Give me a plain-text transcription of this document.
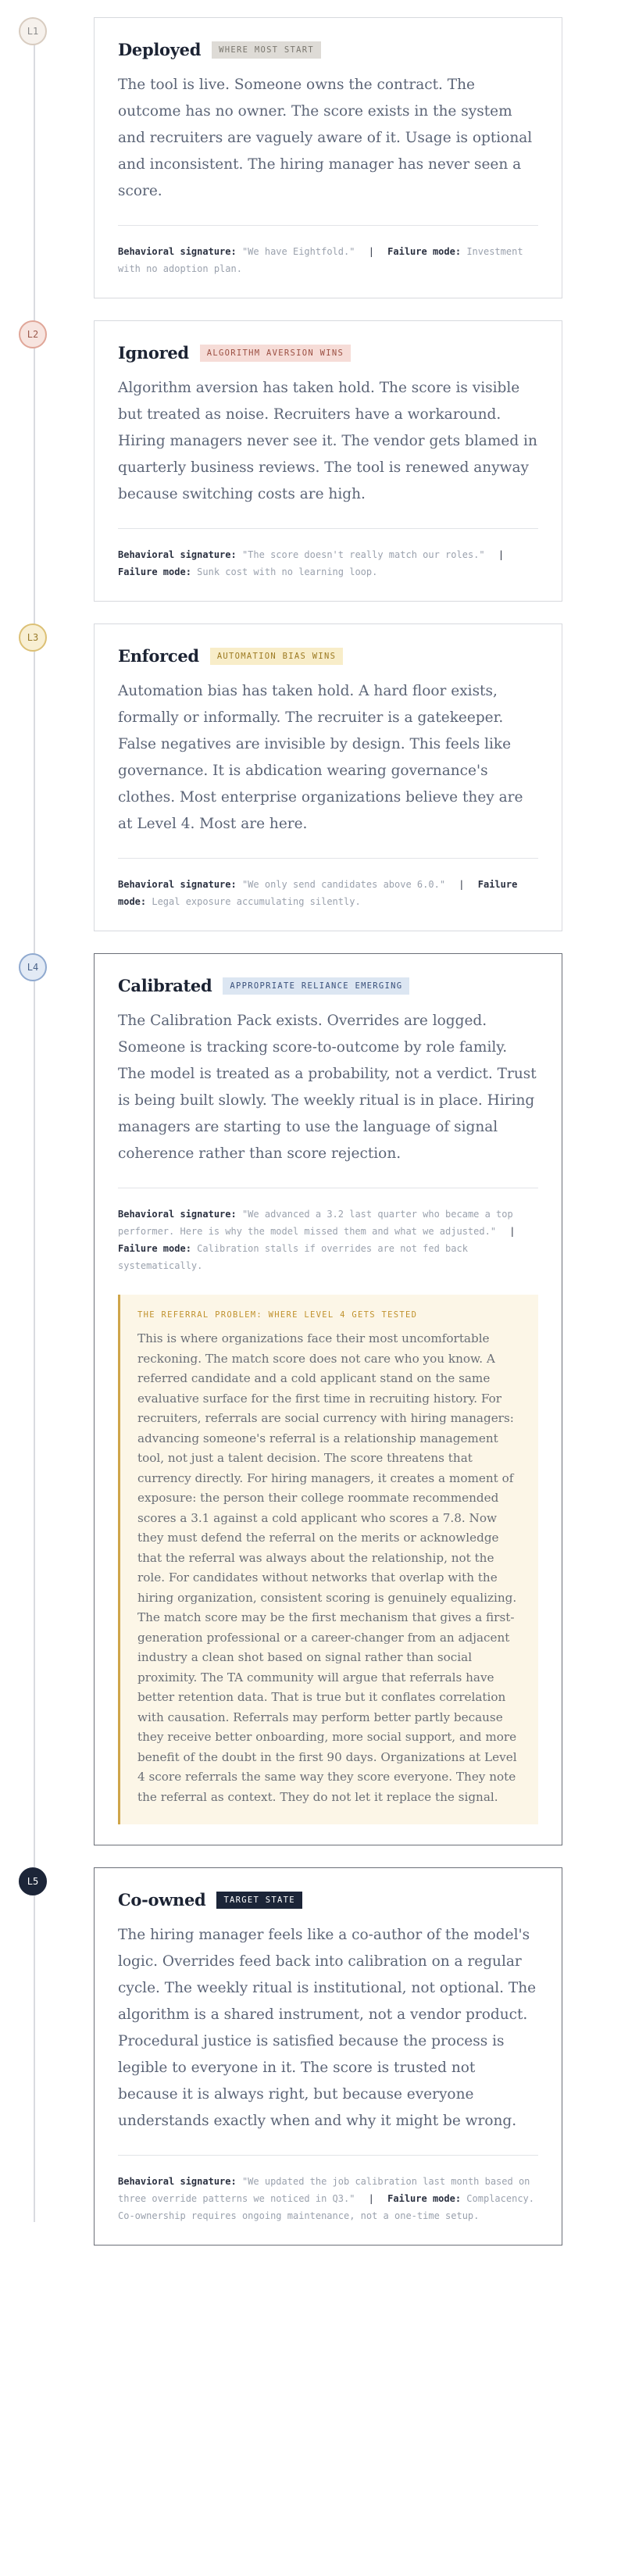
L1
Deployed	WHERE MOST START

The tool is live. Someone owns the contract. The outcome has no owner. The score exists in the system and recruiters are vaguely aware of it. Usage is optional and inconsistent. The hiring manager has never seen a score.

Behavioral signature: "We have Eightfold." | Failure mode: Investment with no adoption plan.
L2
Ignored	ALGORITHM AVERSION WINS

Algorithm aversion has taken hold. The score is visible but treated as noise. Recruiters have a workaround. Hiring managers never see it. The vendor gets blamed in quarterly business reviews. The tool is renewed anyway because switching costs are high.

Behavioral signature: "The score doesn't really match our roles." | Failure mode: Sunk cost with no learning loop.
L3
Enforced	AUTOMATION BIAS WINS

Automation bias has taken hold. A hard floor exists, formally or informally. The recruiter is a gatekeeper. False negatives are invisible by design. This feels like governance. It is abdication wearing governance's clothes. Most enterprise organizations believe they are at Level 4. Most are here.

Behavioral signature: "We only send candidates above 6.0." | Failure mode: Legal exposure accumulating silently.
L4
Calibrated	APPROPRIATE RELIANCE EMERGING

The Calibration Pack exists. Overrides are logged. Someone is tracking score-to-outcome by role family. The model is treated as a probability, not a verdict. Trust is being built slowly. The weekly ritual is in place. Hiring managers are starting to use the language of signal coherence rather than score rejection.

Behavioral signature: "We advanced a 3.2 last quarter who became a top performer. Here is why the model missed them and what we adjusted." | Failure mode: Calibration stalls if overrides are not fed back systematically.
THE REFERRAL PROBLEM: WHERE LEVEL 4 GETS TESTED
This is where organizations face their most uncomfortable reckoning. The match score does not care who you know. A referred candidate and a cold applicant stand on the same evaluative surface for the first time in recruiting history. For recruiters, referrals are social currency with hiring managers: advancing someone's referral is a relationship management tool, not just a talent decision. The score threatens that currency directly. For hiring managers, it creates a moment of exposure: the person their college roommate recommended scores a 3.1 against a cold applicant who scores a 7.8. Now they must defend the referral on the merits or acknowledge that the referral was always about the relationship, not the role. For candidates without networks that overlap with the hiring organization, consistent scoring is genuinely equalizing. The match score may be the first mechanism that gives a first-generation professional or a career-changer from an adjacent industry a clean shot based on signal rather than social proximity. The TA community will argue that referrals have better retention data. That is true but it conflates correlation with causation. Referrals may perform better partly because they receive better onboarding, more social support, and more benefit of the doubt in the first 90 days. Organizations at Level 4 score referrals the same way they score everyone. They note the referral as context. They do not let it replace the signal.
L5
Co-owned	TARGET STATE

The hiring manager feels like a co-author of the model's logic. Overrides feed back into calibration on a regular cycle. The weekly ritual is institutional, not optional. The algorithm is a shared instrument, not a vendor product. Procedural justice is satisfied because the process is legible to everyone in it. The score is trusted not because it is always right, but because everyone understands exactly when and why it might be wrong.

Behavioral signature: "We updated the job calibration last month based on three override patterns we noticed in Q3." | Failure mode: Complacency. Co-ownership requires ongoing maintenance, not a one-time setup.
